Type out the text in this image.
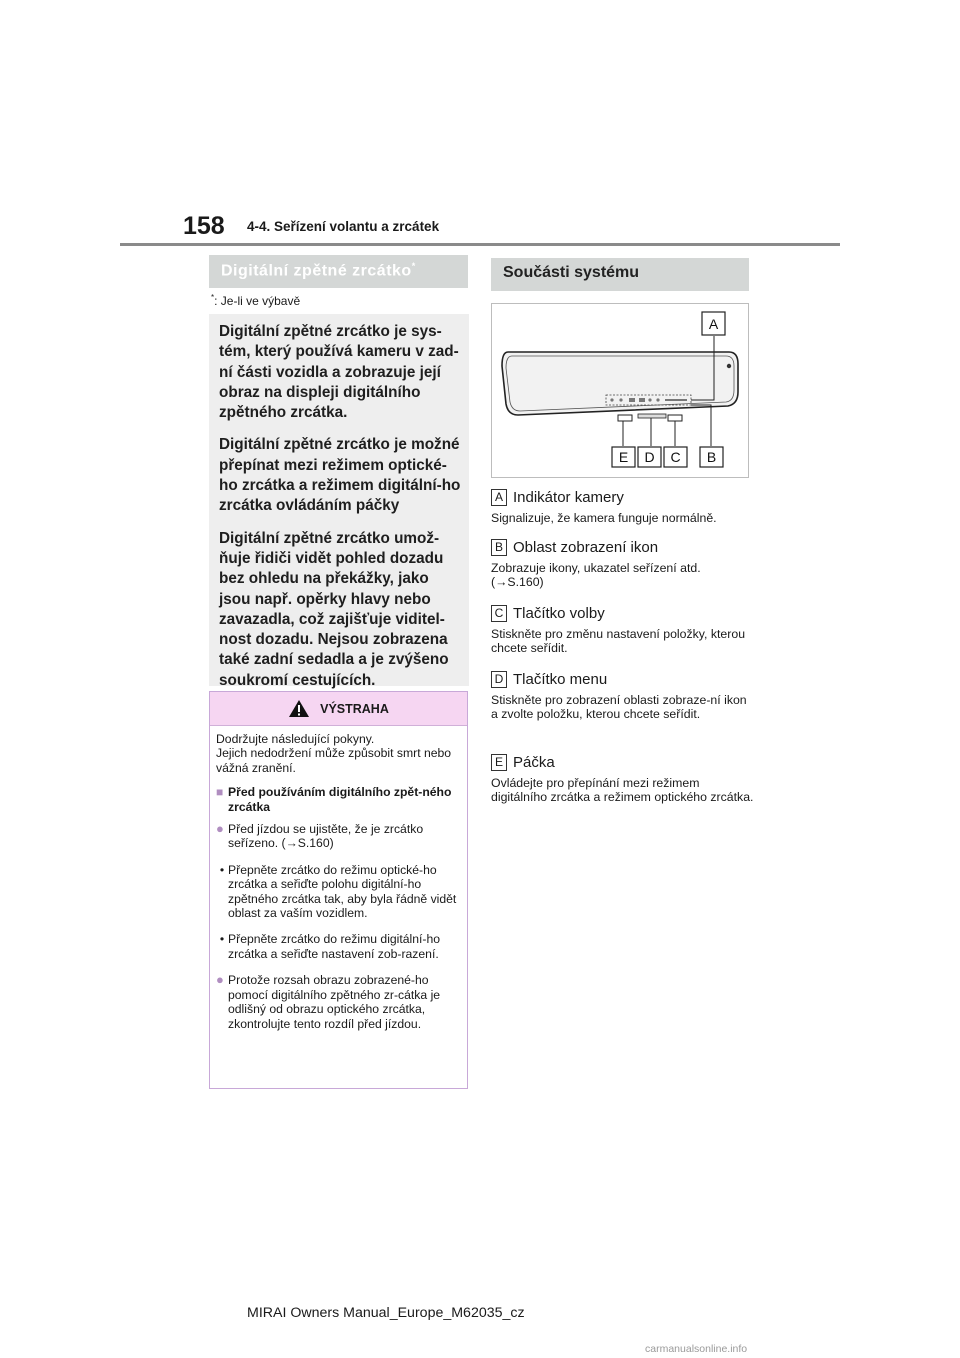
158 4-4. Seřízení volantu a zrcátek
Digitální zpětné zrcátko*
*: Je-li ve výbavě

Digitální zpětné zrcátko je sys-tém, který používá kameru v zad-ní části vozidla a zobrazuje její obraz na displeji digitálního zpětného zrcátka.

Digitální zpětné zrcátko je možné přepínat mezi režimem optické-ho zrcátka a režimem digitální-ho zrcátka ovládáním páčky

Digitální zpětné zrcátko umož-ňuje řidiči vidět pohled dozadu bez ohledu na překážky, jako jsou např. opěrky hlavy nebo zavazadla, což zajišťuje viditel-nost dozadu. Nejsou zobrazena také zadní sedadla a je zvýšeno soukromí cestujících.

VÝSTRAHA

Dodržujte následující pokyny.
Jejich nedodržení může způsobit smrt nebo vážná zranění.

■ Před používáním digitálního zpět-ného zrcátka
● Před jízdou se ujistěte, že je zrcátko seřízeno. (→S.160)
• Přepněte zrcátko do režimu optické-ho zrcátka a seřiďte polohu digitální-ho zpětného zrcátka tak, aby byla řádně vidět oblast za vaším vozidlem.
• Přepněte zrcátko do režimu digitální-ho zrcátka a seřiďte nastavení zob-razení.
● Protože rozsah obrazu zobrazené-ho pomocí digitálního zpětného zr-cátka je odlišný od obrazu optického zrcátka, zkontrolujte tento rozdíl před jízdou.
Součásti systému
A
E D C B
A Indikátor kamery
Signalizuje, že kamera funguje normálně.
B Oblast zobrazení ikon
Zobrazuje ikony, ukazatel seřízení atd.
(→S.160)
C Tlačítko volby
Stiskněte pro změnu nastavení položky, kterou chcete seřídit.
D Tlačítko menu
Stiskněte pro zobrazení oblasti zobraze-ní ikon a zvolte položku, kterou chcete seřídit.
E Páčka
Ovládejte pro přepínání mezi režimem digitálního zrcátka a režimem optického zrcátka.
MIRAI Owners Manual_Europe_M62035_cz
carmanualsonline.info
